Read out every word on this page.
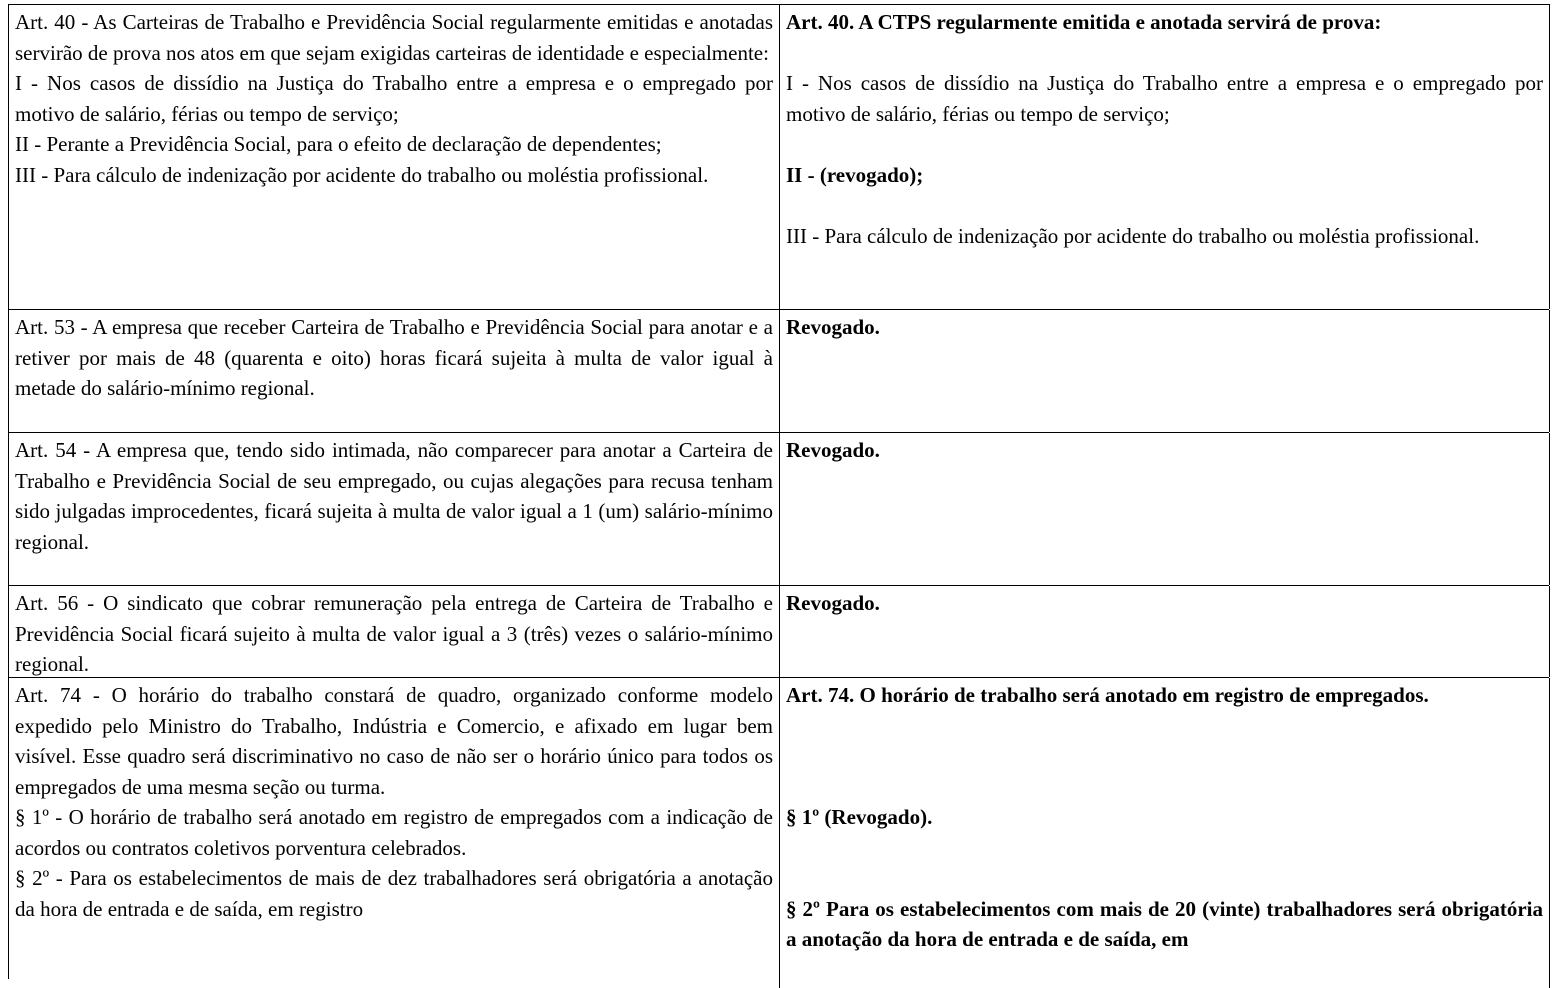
Art. 40 - As Carteiras de Trabalho e Previdência Social regularmente emitidas e anotadas servirão de prova nos atos em que sejam exigidas carteiras de identidade e especialmente:
I - Nos casos de dissídio na Justiça do Trabalho entre a empresa e o empregado por motivo de salário, férias ou tempo de serviço;
II - Perante a Previdência Social, para o efeito de declaração de dependentes;
III - Para cálculo de indenização por acidente do trabalho ou moléstia profissional.
Art. 40. A CTPS regularmente emitida e anotada servirá de prova:
I - Nos casos de dissídio na Justiça do Trabalho entre a empresa e o empregado por motivo de salário, férias ou tempo de serviço;
II - (revogado);
III - Para cálculo de indenização por acidente do trabalho ou moléstia profissional.
Art. 53 - A empresa que receber Carteira de Trabalho e Previdência Social para anotar e a retiver por mais de 48 (quarenta e oito) horas ficará sujeita à multa de valor igual à metade do salário-mínimo regional.
Revogado.
Art. 54 - A empresa que, tendo sido intimada, não comparecer para anotar a Carteira de Trabalho e Previdência Social de seu empregado, ou cujas alegações para recusa tenham sido julgadas improcedentes, ficará sujeita à multa de valor igual a 1 (um) salário-mínimo regional.
Revogado.
Art. 56 - O sindicato que cobrar remuneração pela entrega de Carteira de Trabalho e Previdência Social ficará sujeito à multa de valor igual a 3 (três) vezes o salário-mínimo regional.
Revogado.
Art. 74 - O horário do trabalho constará de quadro, organizado conforme modelo expedido pelo Ministro do Trabalho, Indústria e Comercio, e afixado em lugar bem visível. Esse quadro será discriminativo no caso de não ser o horário único para todos os empregados de uma mesma seção ou turma.
§ 1º - O horário de trabalho será anotado em registro de empregados com a indicação de acordos ou contratos coletivos porventura celebrados.
§ 2º - Para os estabelecimentos de mais de dez trabalhadores será obrigatória a anotação da hora de entrada e de saída, em registro
Art. 74. O horário de trabalho será anotado em registro de empregados.
§ 1º (Revogado).
§ 2º Para os estabelecimentos com mais de 20 (vinte) trabalhadores será obrigatória a anotação da hora de entrada e de saída, em
